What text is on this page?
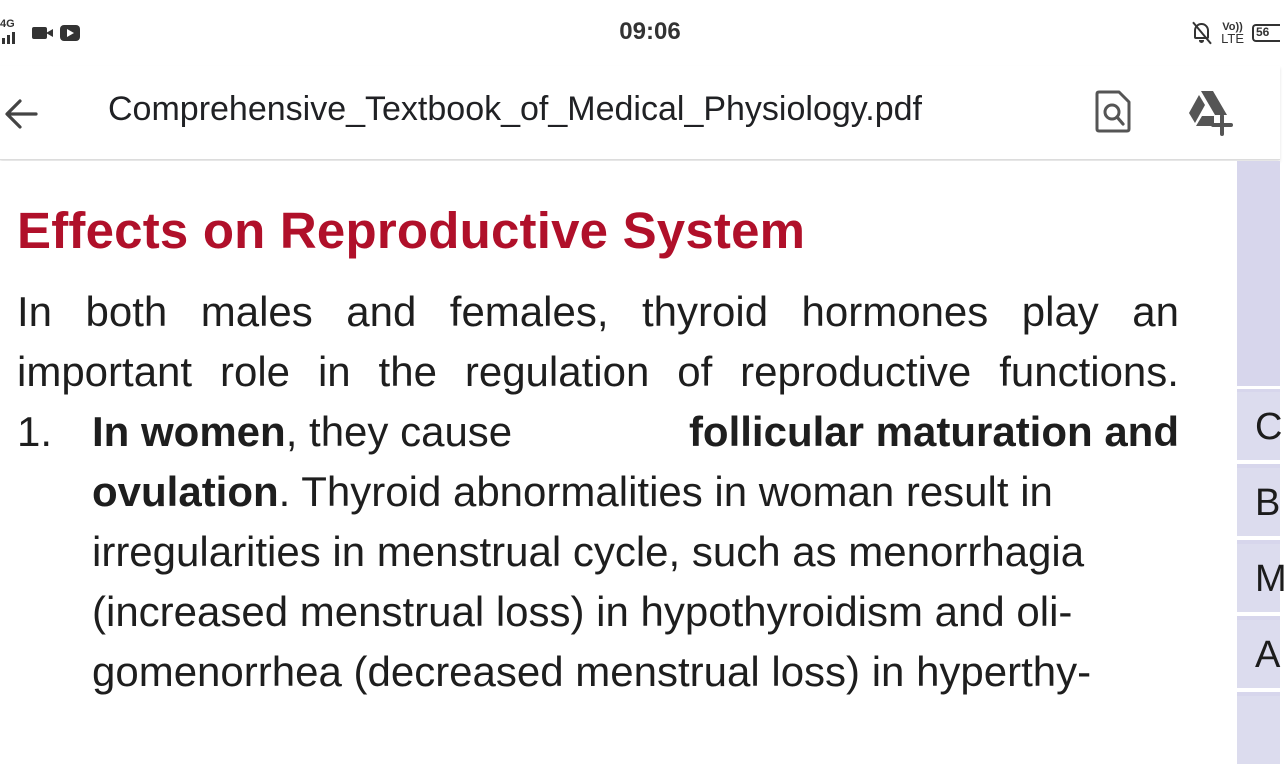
4G	09:06	Vo))
LTE 56
Comprehensive_Textbook_of_Medical_Physiology.pdf
Effects on Reproductive System
In both males and females, thyroid hormones play an
important role in the regulation of reproductive functions.
1. In women, they cause	follicular maturation and
ovulation. Thyroid abnormalities in woman result in
irregularities in menstrual cycle, such as menorrhagia
(increased menstrual loss) in hypothyroidism and oli-
gomenorrhea (decreased menstrual loss) in hyperthy-
C
B
M
A
